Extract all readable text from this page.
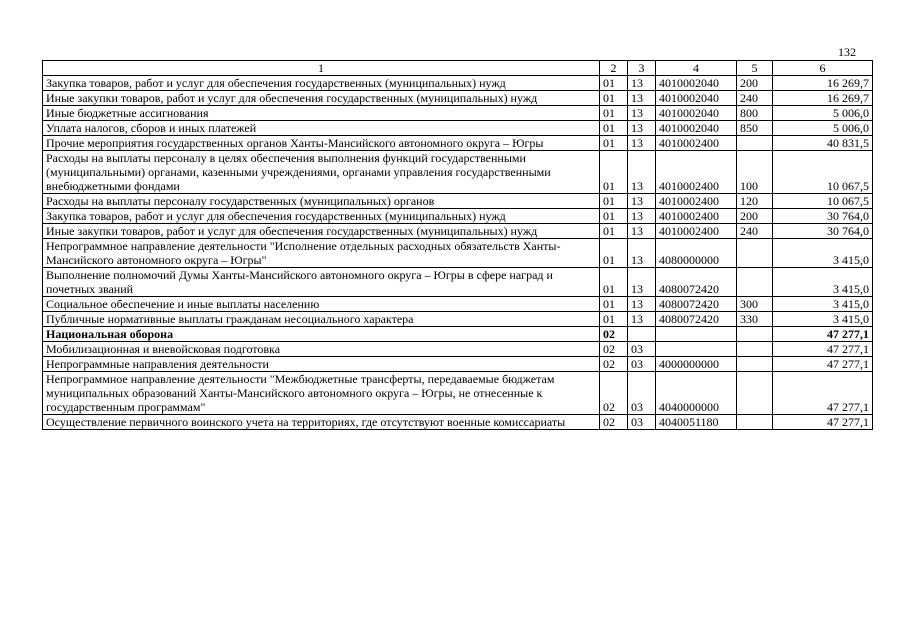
132
1	2	3	4	5	6
Закупка товаров, работ и услуг для обеспечения государственных (муниципальных) нужд	01	13	4010002040	200	16 269,7
Иные закупки товаров, работ и услуг для обеспечения государственных (муниципальных) нужд	01	13	4010002040	240	16 269,7
Иные бюджетные ассигнования	01	13	4010002040	800	5 006,0
Уплата налогов, сборов и иных платежей	01	13	4010002040	850	5 006,0
Прочие мероприятия государственных органов Ханты-Мансийского автономного округа – Югры	01	13	4010002400		40 831,5
Расходы на выплаты персоналу в целях обеспечения выполнения функций государственными (муниципальными) органами, казенными учреждениями, органами управления государственными внебюджетными фондами	01	13	4010002400	100	10 067,5
Расходы на выплаты персоналу государственных (муниципальных) органов	01	13	4010002400	120	10 067,5
Закупка товаров, работ и услуг для обеспечения государственных (муниципальных) нужд	01	13	4010002400	200	30 764,0
Иные закупки товаров, работ и услуг для обеспечения государственных (муниципальных) нужд	01	13	4010002400	240	30 764,0
Непрограммное направление деятельности "Исполнение отдельных расходных обязательств Ханты-Мансийского автономного округа – Югры"	01	13	4080000000		3 415,0
Выполнение полномочий Думы Ханты-Мансийского автономного округа – Югры в сфере наград и почетных званий	01	13	4080072420		3 415,0
Социальное обеспечение и иные выплаты населению	01	13	4080072420	300	3 415,0
Публичные нормативные выплаты гражданам несоциального характера	01	13	4080072420	330	3 415,0
Национальная оборона	02				47 277,1
Мобилизационная и вневойсковая подготовка	02	03			47 277,1
Непрограммные направления деятельности	02	03	4000000000		47 277,1
Непрограммное направление деятельности "Межбюджетные трансферты, передаваемые бюджетам муниципальных образований Ханты-Мансийского автономного округа – Югры, не отнесенные к государственным программам"	02	03	4040000000		47 277,1
Осуществление первичного воинского учета на территориях, где отсутствуют военные комиссариаты	02	03	4040051180		47 277,1
